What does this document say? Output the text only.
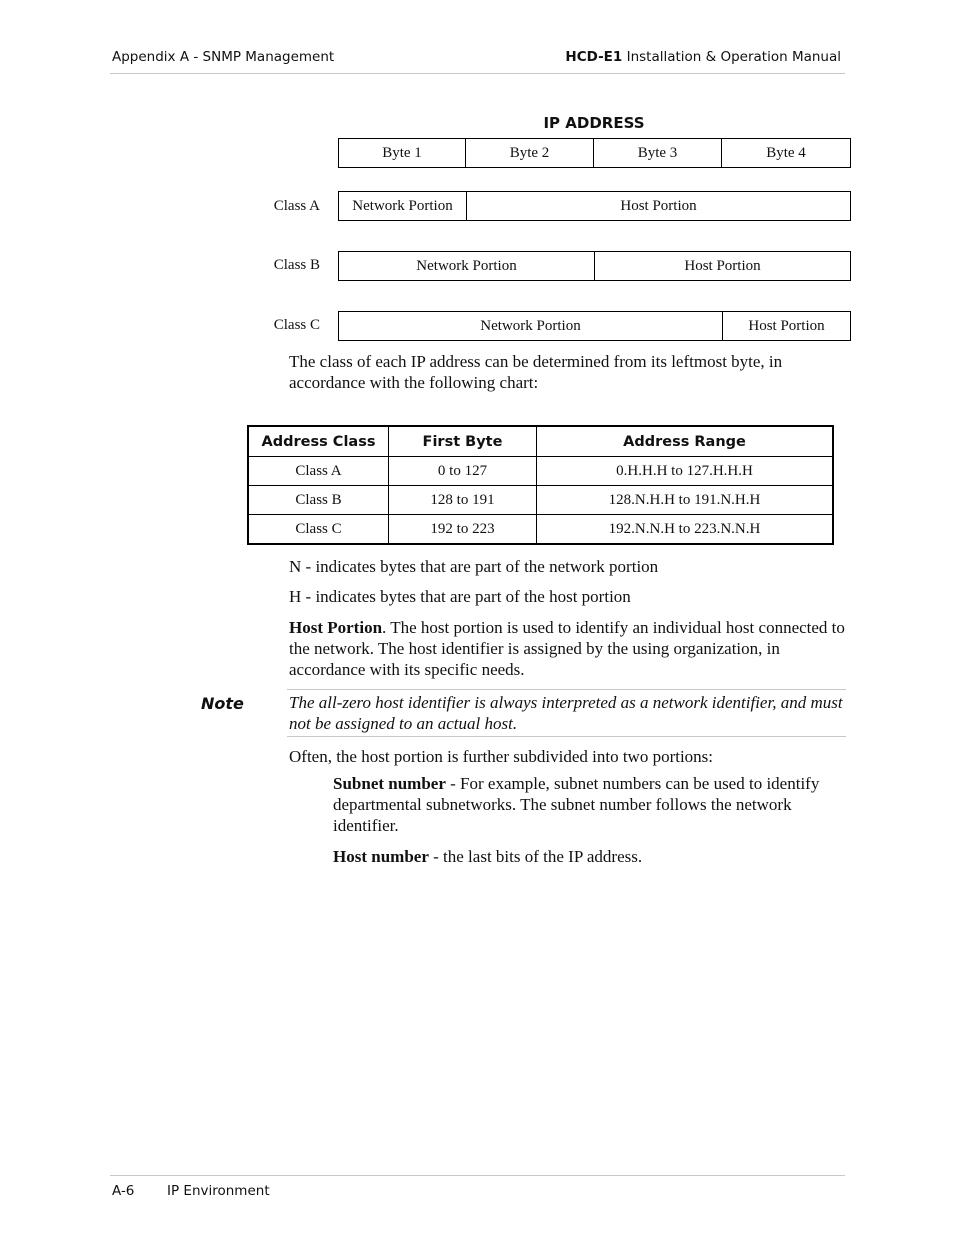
Appendix A - SNMP Management	HCD-E1 Installation & Operation Manual
IP ADDRESS
Byte 1	Byte 2	Byte 3	Byte 4
Class A	Network Portion	Host Portion
Class B	Network Portion	Host Portion
Class C	Network Portion	Host Portion
The class of each IP address can be determined from its leftmost byte, in accordance with the following chart:
Address Class	First Byte	Address Range
Class A	0 to 127	0.H.H.H to 127.H.H.H
Class B	128 to 191	128.N.H.H to 191.N.H.H
Class C	192 to 223	192.N.N.H to 223.N.N.H
N - indicates bytes that are part of the network portion
H - indicates bytes that are part of the host portion
Host Portion. The host portion is used to identify an individual host connected to the network. The host identifier is assigned by the using organization, in accordance with its specific needs.
Note	The all-zero host identifier is always interpreted as a network identifier, and must not be assigned to an actual host.
Often, the host portion is further subdivided into two portions:
Subnet number - For example, subnet numbers can be used to identify departmental subnetworks. The subnet number follows the network identifier.
Host number - the last bits of the IP address.
A-6 IP Environment
